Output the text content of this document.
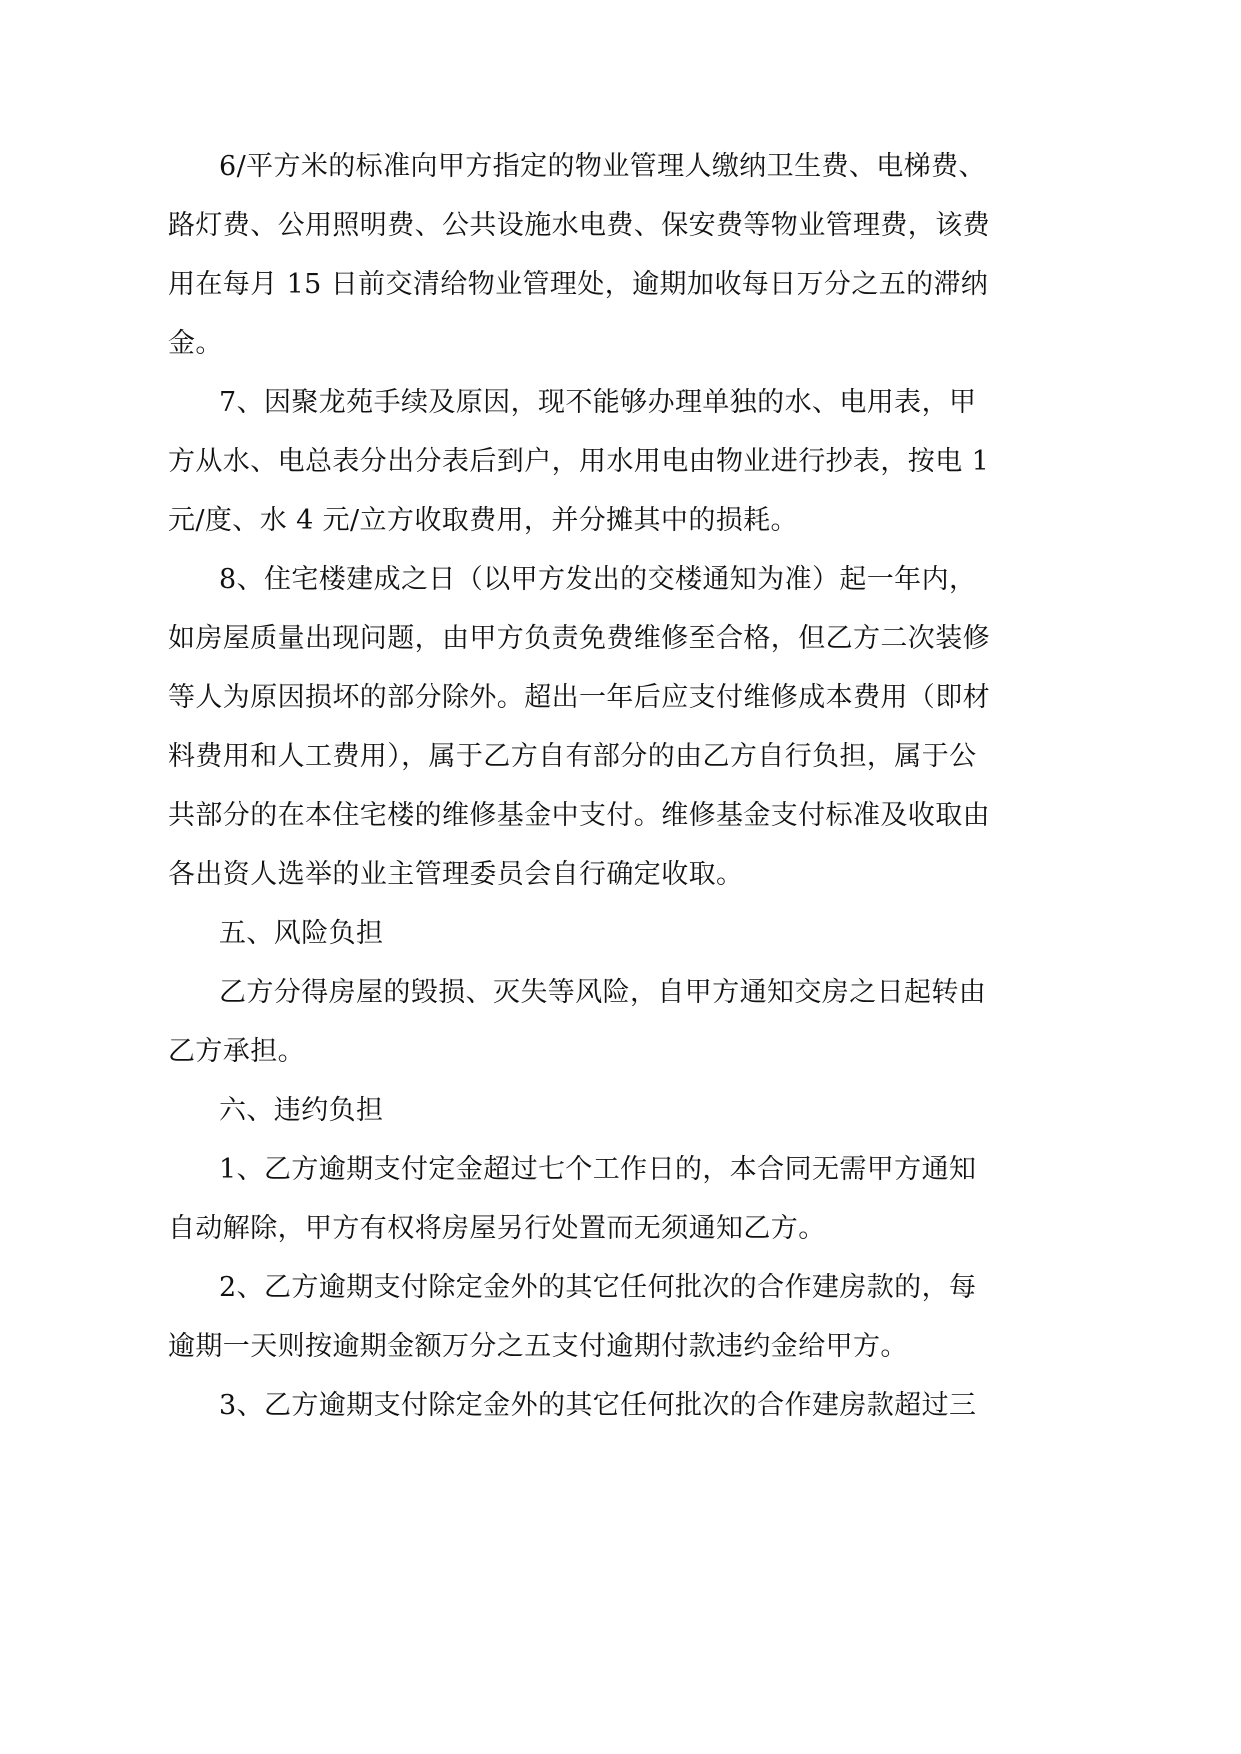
6/平方米的标准向甲方指定的物业管理人缴纳卫生费、电梯费、
路灯费、公用照明费、公共设施水电费、保安费等物业管理费，该费
用在每月 15 日前交清给物业管理处，逾期加收每日万分之五的滞纳
金。
7、因聚龙苑手续及原因，现不能够办理单独的水、电用表，甲
方从水、电总表分出分表后到户，用水用电由物业进行抄表，按电 1
元/度、水 4 元/立方收取费用，并分摊其中的损耗。
8、住宅楼建成之日（以甲方发出的交楼通知为准）起一年内，
如房屋质量出现问题，由甲方负责免费维修至合格，但乙方二次装修
等人为原因损坏的部分除外。超出一年后应支付维修成本费用（即材
料费用和人工费用），属于乙方自有部分的由乙方自行负担，属于公
共部分的在本住宅楼的维修基金中支付。维修基金支付标准及收取由
各出资人选举的业主管理委员会自行确定收取。
五、风险负担
乙方分得房屋的毁损、灭失等风险，自甲方通知交房之日起转由
乙方承担。
六、违约负担
1、乙方逾期支付定金超过七个工作日的，本合同无需甲方通知
自动解除，甲方有权将房屋另行处置而无须通知乙方。
2、乙方逾期支付除定金外的其它任何批次的合作建房款的，每
逾期一天则按逾期金额万分之五支付逾期付款违约金给甲方。
3、乙方逾期支付除定金外的其它任何批次的合作建房款超过三
